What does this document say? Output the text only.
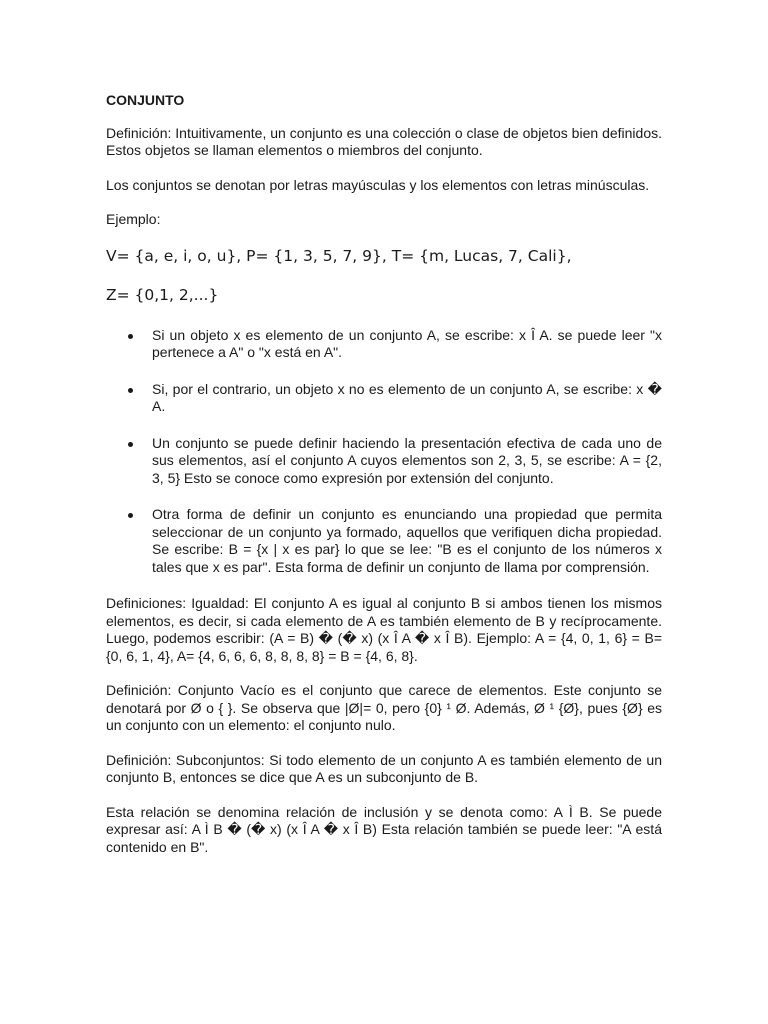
CONJUNTO

Definición: Intuitivamente, un conjunto es una colección o clase de objetos bien definidos. Estos objetos se llaman elementos o miembros del conjunto.

Los conjuntos se denotan por letras mayúsculas y los elementos con letras minúsculas.

Ejemplo:
V= {a, e, i, o, u}, P= {1, 3, 5, 7, 9}, T= {m, Lucas, 7, Cali},
Z= {0,1, 2,...}
Si un objeto x es elemento de un conjunto A, se escribe: x Î A. se puede leer "x pertenece a A" o "x está en A".
Si, por el contrario, un objeto x no es elemento de un conjunto A, se escribe: x � A.
Un conjunto se puede definir haciendo la presentación efectiva de cada uno de sus elementos, así el conjunto A cuyos elementos son 2, 3, 5, se escribe: A = {2, 3, 5} Esto se conoce como expresión por extensión del conjunto.
Otra forma de definir un conjunto es enunciando una propiedad que permita seleccionar de un conjunto ya formado, aquellos que verifiquen dicha propiedad. Se escribe: B = {x | x es par} lo que se lee: "B es el conjunto de los números x tales que x es par". Esta forma de definir un conjunto de llama por comprensión.

Definiciones: Igualdad: El conjunto A es igual al conjunto B si ambos tienen los mismos elementos, es decir, si cada elemento de A es también elemento de B y recíprocamente. Luego, podemos escribir: (A = B) � (� x) (x Î A � x Î B). Ejemplo: A = {4, 0, 1, 6} = B= {0, 6, 1, 4}, A= {4, 6, 6, 6, 8, 8, 8, 8} = B = {4, 6, 8}.

Definición: Conjunto Vacío es el conjunto que carece de elementos. Este conjunto se denotará por Ø o { }. Se observa que |Ø|= 0, pero {0} ¹ Ø. Además, Ø ¹ {Ø}, pues {Ø} es un conjunto con un elemento: el conjunto nulo.

Definición: Subconjuntos: Si todo elemento de un conjunto A es también elemento de un conjunto B, entonces se dice que A es un subconjunto de B.

Esta relación se denomina relación de inclusión y se denota como: A Ì B. Se puede expresar así: A Ì B � (� x) (x Î A � x Î B) Esta relación también se puede leer: "A está contenido en B".
